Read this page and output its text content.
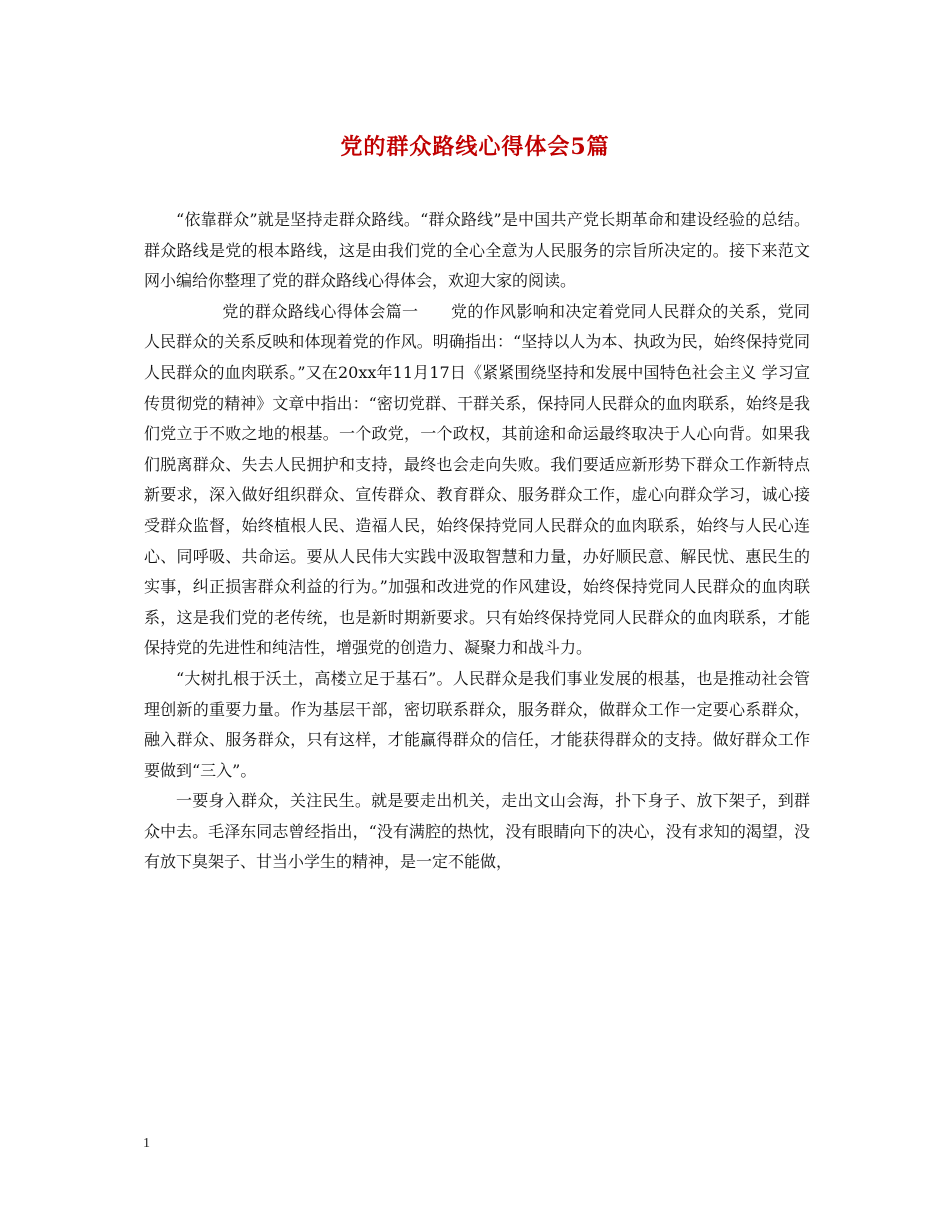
党的群众路线心得体会5篇

“依靠群众”就是坚持走群众路线。“群众路线”是中国共产党长期革命和建设经验的总结。群众路线是党的根本路线，这是由我们党的全心全意为人民服务的宗旨所决定的。接下来范文网小编给你整理了党的群众路线心得体会，欢迎大家的阅读。

党的群众路线心得体会篇一　　党的作风影响和决定着党同人民群众的关系，党同人民群众的关系反映和体现着党的作风。明确指出：“坚持以人为本、执政为民，始终保持党同人民群众的血肉联系。”又在20xx年11月17日《紧紧围绕坚持和发展中国特色社会主义 学习宣传贯彻党的精神》文章中指出：“密切党群、干群关系，保持同人民群众的血肉联系，始终是我们党立于不败之地的根基。一个政党，一个政权，其前途和命运最终取决于人心向背。如果我们脱离群众、失去人民拥护和支持，最终也会走向失败。我们要适应新形势下群众工作新特点新要求，深入做好组织群众、宣传群众、教育群众、服务群众工作，虚心向群众学习，诚心接受群众监督，始终植根人民、造福人民，始终保持党同人民群众的血肉联系，始终与人民心连心、同呼吸、共命运。要从人民伟大实践中汲取智慧和力量，办好顺民意、解民忧、惠民生的实事，纠正损害群众利益的行为。”加强和改进党的作风建设，始终保持党同人民群众的血肉联系，这是我们党的老传统，也是新时期新要求。只有始终保持党同人民群众的血肉联系，才能保持党的先进性和纯洁性，增强党的创造力、凝聚力和战斗力。

“大树扎根于沃土，高楼立足于基石”。人民群众是我们事业发展的根基，也是推动社会管理创新的重要力量。作为基层干部，密切联系群众，服务群众，做群众工作一定要心系群众，融入群众、服务群众，只有这样，才能赢得群众的信任，才能获得群众的支持。做好群众工作要做到“三入”。

一要身入群众，关注民生。就是要走出机关，走出文山会海，扑下身子、放下架子，到群众中去。毛泽东同志曾经指出，“没有满腔的热忱，没有眼睛向下的决心，没有求知的渴望，没有放下臭架子、甘当小学生的精神，是一定不能做，

1
